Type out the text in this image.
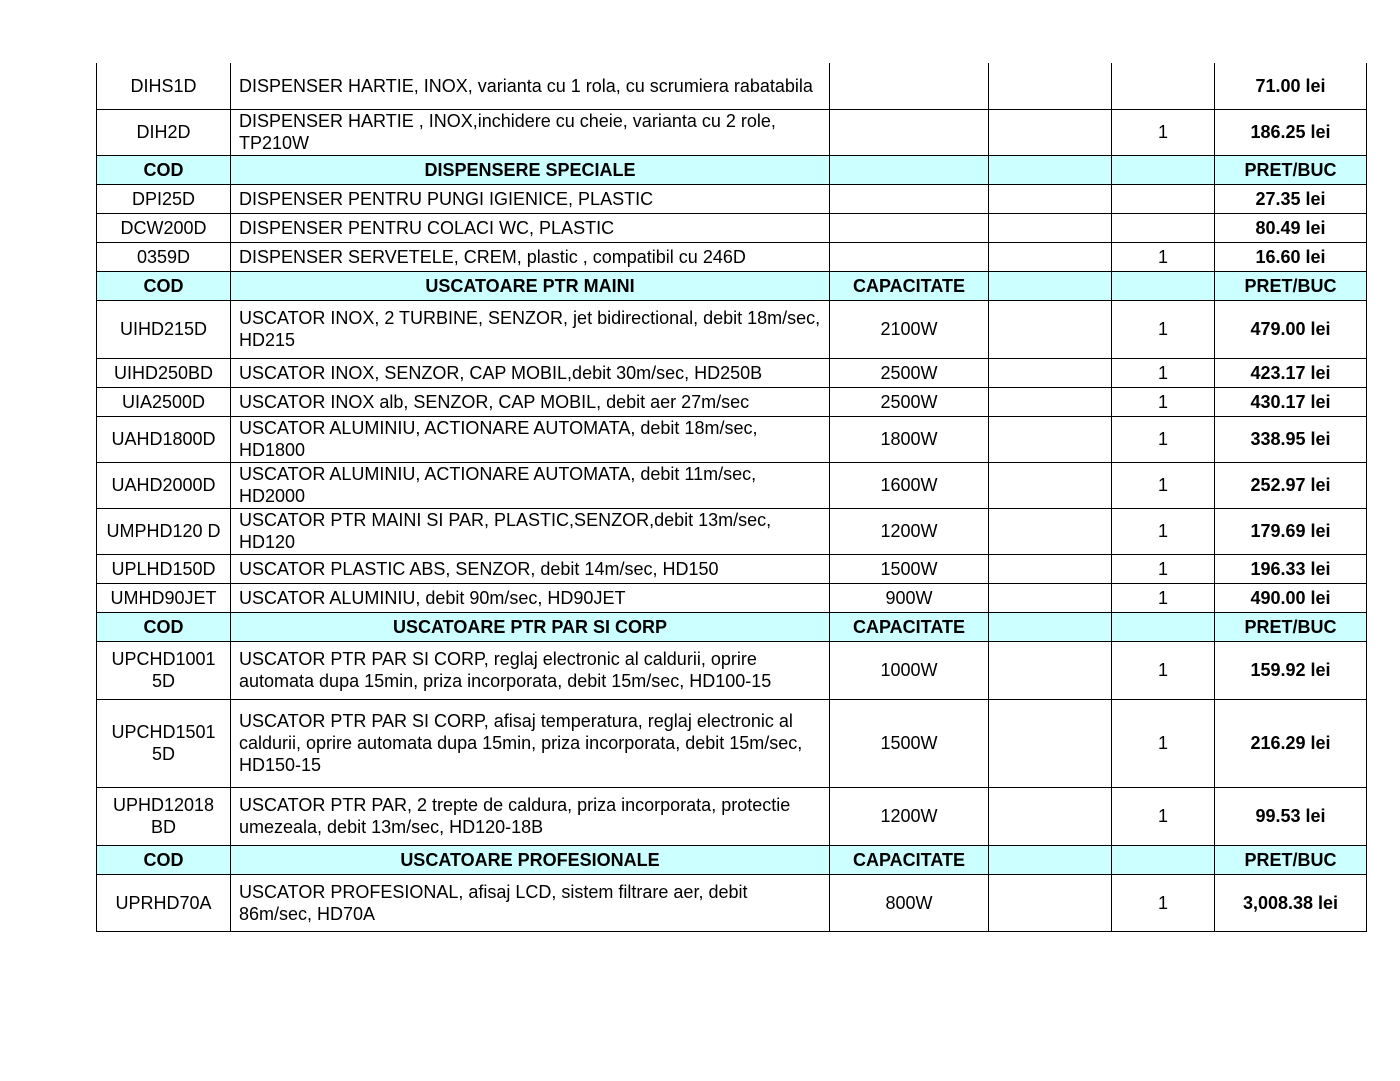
DIHS1D	DISPENSER HARTIE, INOX, varianta cu 1 rola, cu scrumiera rabatabila				71.00 lei
DIH2D	DISPENSER HARTIE , INOX,inchidere cu cheie, varianta cu 2 role, TP210W			1	186.25 lei
COD	DISPENSERE SPECIALE				PRET/BUC
DPI25D	DISPENSER PENTRU PUNGI IGIENICE, PLASTIC				27.35 lei
DCW200D	DISPENSER PENTRU COLACI WC, PLASTIC				80.49 lei
0359D	DISPENSER SERVETELE, CREM, plastic , compatibil cu 246D			1	16.60 lei
COD	USCATOARE PTR MAINI	CAPACITATE			PRET/BUC
UIHD215D	USCATOR INOX, 2 TURBINE, SENZOR, jet bidirectional, debit 18m/sec, HD215	2100W		1	479.00 lei
UIHD250BD	USCATOR INOX, SENZOR, CAP MOBIL,debit 30m/sec, HD250B	2500W		1	423.17 lei
UIA2500D	USCATOR INOX alb, SENZOR, CAP MOBIL, debit aer 27m/sec	2500W		1	430.17 lei
UAHD1800D	USCATOR ALUMINIU, ACTIONARE AUTOMATA, debit 18m/sec, HD1800	1800W		1	338.95 lei
UAHD2000D	USCATOR ALUMINIU, ACTIONARE AUTOMATA, debit 11m/sec, HD2000	1600W		1	252.97 lei
UMPHD120 D	USCATOR PTR MAINI SI PAR, PLASTIC,SENZOR,debit 13m/sec, HD120	1200W		1	179.69 lei
UPLHD150D	USCATOR PLASTIC ABS, SENZOR, debit 14m/sec, HD150	1500W		1	196.33 lei
UMHD90JET	USCATOR ALUMINIU, debit 90m/sec, HD90JET	900W		1	490.00 lei
COD	USCATOARE PTR PAR SI CORP	CAPACITATE			PRET/BUC
UPCHD1001 5D	USCATOR PTR PAR SI CORP, reglaj electronic al caldurii, oprire automata dupa 15min, priza incorporata, debit 15m/sec, HD100-15	1000W		1	159.92 lei
UPCHD1501 5D	USCATOR PTR PAR SI CORP, afisaj temperatura, reglaj electronic al caldurii, oprire automata dupa 15min, priza incorporata, debit 15m/sec, HD150-15	1500W		1	216.29 lei
UPHD12018 BD	USCATOR PTR PAR, 2 trepte de caldura, priza incorporata, protectie umezeala, debit 13m/sec, HD120-18B	1200W		1	99.53 lei
COD	USCATOARE PROFESIONALE	CAPACITATE			PRET/BUC
UPRHD70A	USCATOR PROFESIONAL, afisaj LCD, sistem filtrare aer, debit 86m/sec, HD70A	800W		1	3,008.38 lei
